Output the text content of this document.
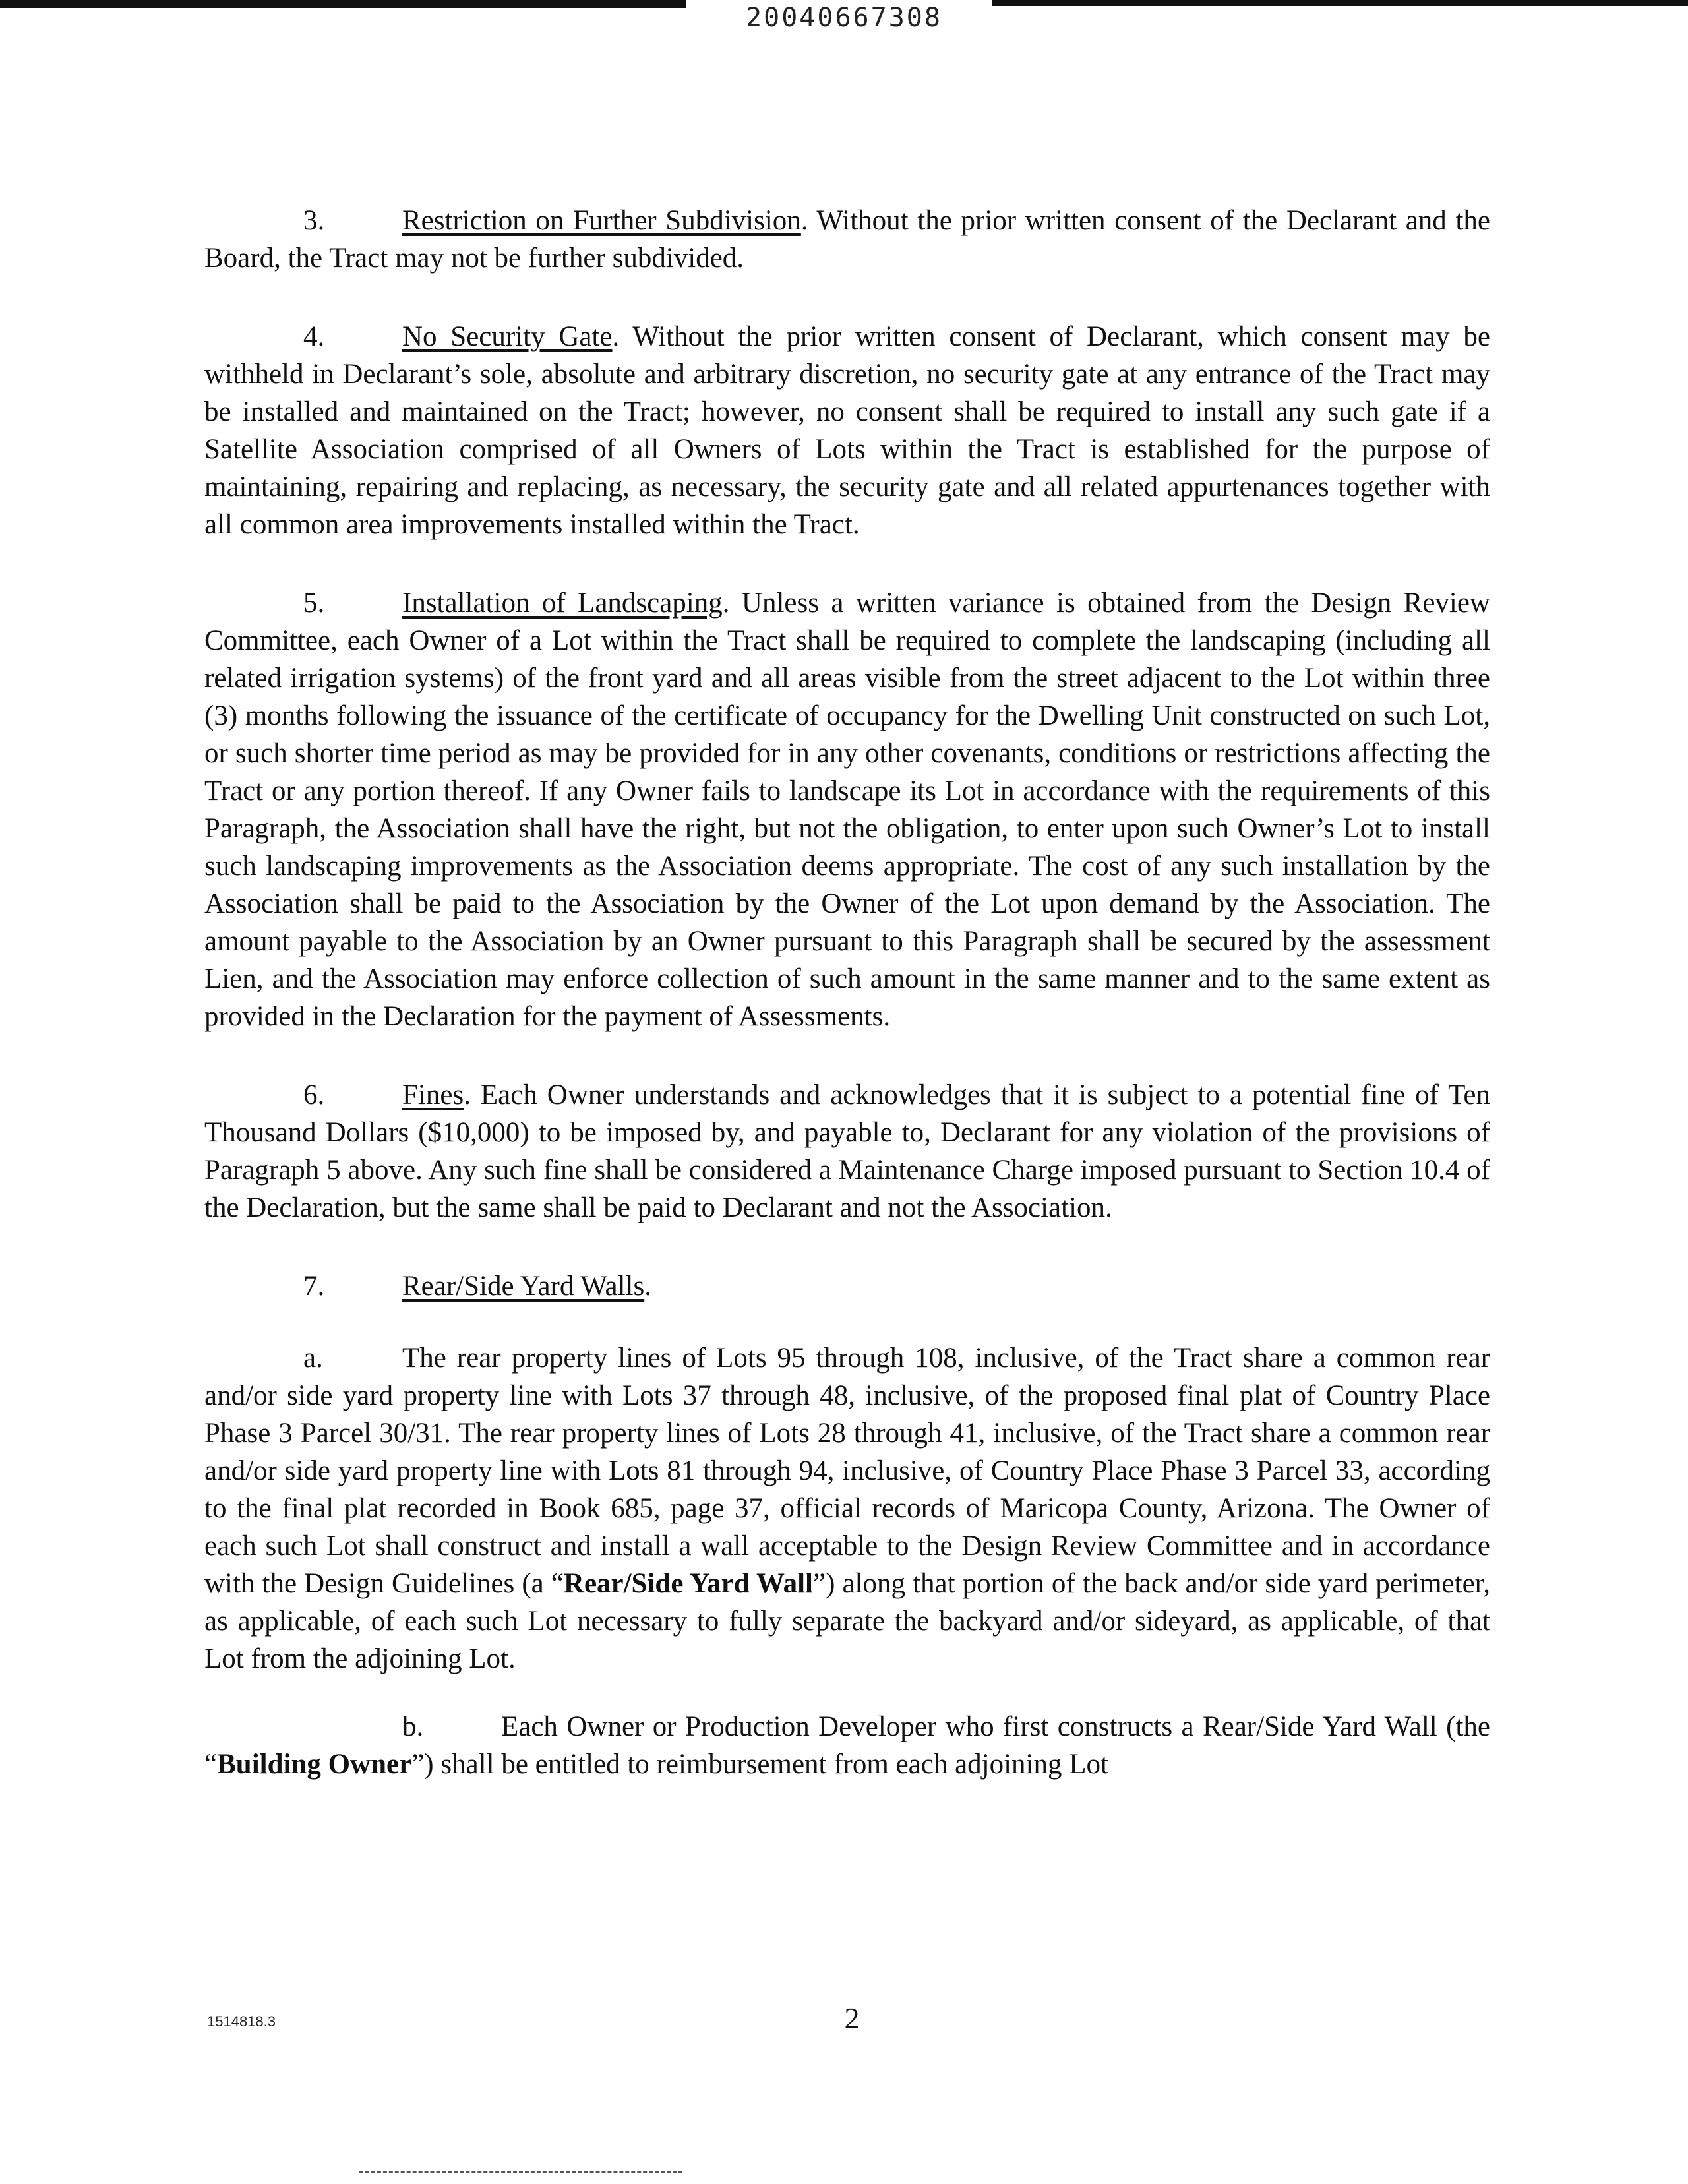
20040667308

3.	Restriction on Further Subdivision. Without the prior written consent of the Declarant and the Board, the Tract may not be further subdivided.

4.	No Security Gate. Without the prior written consent of Declarant, which consent may be withheld in Declarant’s sole, absolute and arbitrary discretion, no security gate at any entrance of the Tract may be installed and maintained on the Tract; however, no consent shall be required to install any such gate if a Satellite Association comprised of all Owners of Lots within the Tract is established for the purpose of maintaining, repairing and replacing, as necessary, the security gate and all related appurtenances together with all common area improvements installed within the Tract.

5.	Installation of Landscaping. Unless a written variance is obtained from the Design Review Committee, each Owner of a Lot within the Tract shall be required to complete the landscaping (including all related irrigation systems) of the front yard and all areas visible from the street adjacent to the Lot within three (3) months following the issuance of the certificate of occupancy for the Dwelling Unit constructed on such Lot, or such shorter time period as may be provided for in any other covenants, conditions or restrictions affecting the Tract or any portion thereof. If any Owner fails to landscape its Lot in accordance with the requirements of this Paragraph, the Association shall have the right, but not the obligation, to enter upon such Owner’s Lot to install such landscaping improvements as the Association deems appropriate. The cost of any such installation by the Association shall be paid to the Association by the Owner of the Lot upon demand by the Association. The amount payable to the Association by an Owner pursuant to this Paragraph shall be secured by the assessment Lien, and the Association may enforce collection of such amount in the same manner and to the same extent as provided in the Declaration for the payment of Assessments.

6.	Fines. Each Owner understands and acknowledges that it is subject to a potential fine of Ten Thousand Dollars ($10,000) to be imposed by, and payable to, Declarant for any violation of the provisions of Paragraph 5 above. Any such fine shall be considered a Maintenance Charge imposed pursuant to Section 10.4 of the Declaration, but the same shall be paid to Declarant and not the Association.

7.	Rear/Side Yard Walls.

a.	The rear property lines of Lots 95 through 108, inclusive, of the Tract share a common rear and/or side yard property line with Lots 37 through 48, inclusive, of the proposed final plat of Country Place Phase 3 Parcel 30/31. The rear property lines of Lots 28 through 41, inclusive, of the Tract share a common rear and/or side yard property line with Lots 81 through 94, inclusive, of Country Place Phase 3 Parcel 33, according to the final plat recorded in Book 685, page 37, official records of Maricopa County, Arizona. The Owner of each such Lot shall construct and install a wall acceptable to the Design Review Committee and in accordance with the Design Guidelines (a “Rear/Side Yard Wall”) along that portion of the back and/or side yard perimeter, as applicable, of each such Lot necessary to fully separate the backyard and/or sideyard, as applicable, of that Lot from the adjoining Lot.

b.	Each Owner or Production Developer who first constructs a Rear/Side Yard Wall (the “Building Owner”) shall be entitled to reimbursement from each adjoining Lot

1514818.3	2
